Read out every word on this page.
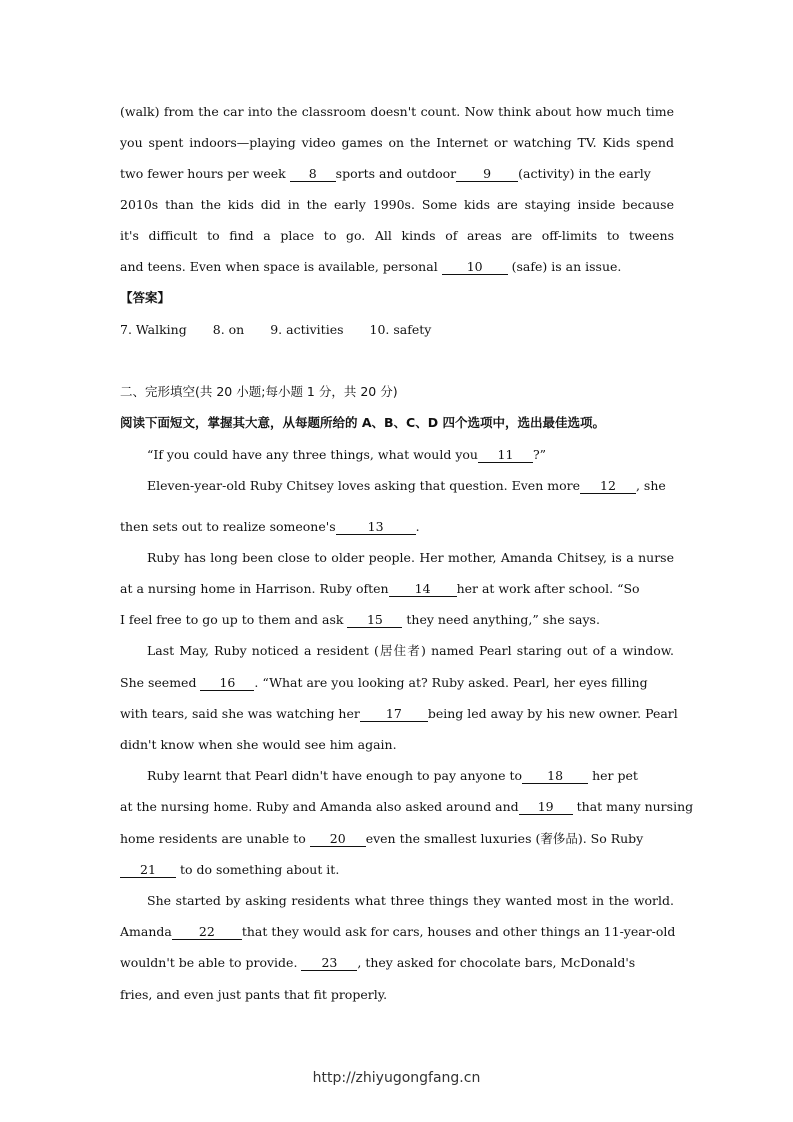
(walk) from the car into the classroom doesn't count. Now think about how much time
you spent indoors—playing video games on the Internet or watching TV. Kids spend
two fewer hours per week 8 sports and outdoor 9 (activity) in the early
2010s than the kids did in the early 1990s. Some kids are staying inside because
it's difficult to find a place to go. All kinds of areas are off-limits to tweens
and teens. Even when space is available, personal 10 (safe) is an issue.
【答案】
7. Walking 8. on 9. activities 10. safety
二、完形填空(共 20 小题;每小题 1 分，共 20 分)
阅读下面短文，掌握其大意，从每题所给的 A、B、C、D 四个选项中，选出最佳选项。
“If you could have any three things, what would you 11 ?”
Eleven-year-old Ruby Chitsey loves asking that question. Even more 12 , she
then sets out to realize someone's	13	.
Ruby has long been close to older people. Her mother, Amanda Chitsey, is a nurse
at a nursing home in Harrison. Ruby often 14 her at work after school. “So
I feel free to go up to them and ask 15 they need anything,” she says.
Last May, Ruby noticed a resident (居住者) named Pearl staring out of a window.
She seemed 16 . “What are you looking at? Ruby asked. Pearl, her eyes filling
with tears, said she was watching her 17 being led away by his new owner. Pearl
didn't know when she would see him again.
Ruby learnt that Pearl didn't have enough to pay anyone to 18 her pet
at the nursing home. Ruby and Amanda also asked around and 19 that many nursing
home residents are unable to 20 even the smallest luxuries (奢侈品). So Ruby
21 to do something about it.
She started by asking residents what three things they wanted most in the world.
Amanda 22 that they would ask for cars, houses and other things an 11-year-old
wouldn't be able to provide. 23 , they asked for chocolate bars, McDonald's
fries, and even just pants that fit properly.
http://zhiyugongfang.cn
